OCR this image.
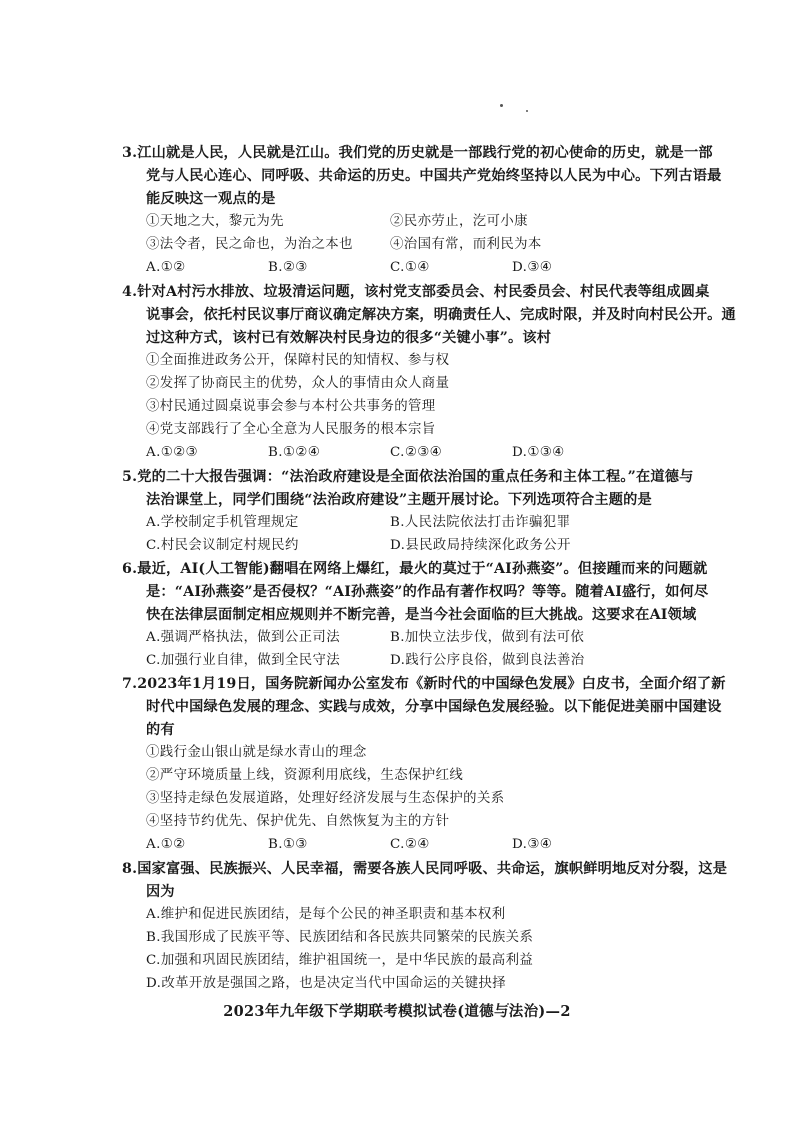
3.江山就是人民，人民就是江山。我们党的历史就是一部践行党的初心使命的历史，就是一部
党与人民心连心、同呼吸、共命运的历史。中国共产党始终坚持以人民为中心。下列古语最
能反映这一观点的是
①天地之大，黎元为先	②民亦劳止，汔可小康
③法令者，民之命也，为治之本也	④治国有常，而利民为本
A.①②	B.②③	C.①④	D.③④
4.针对A村污水排放、垃圾清运问题，该村党支部委员会、村民委员会、村民代表等组成圆桌
说事会，依托村民议事厅商议确定解决方案，明确责任人、完成时限，并及时向村民公开。通
过这种方式，该村已有效解决村民身边的很多“关键小事”。该村
①全面推进政务公开，保障村民的知情权、参与权
②发挥了协商民主的优势，众人的事情由众人商量
③村民通过圆桌说事会参与本村公共事务的管理
④党支部践行了全心全意为人民服务的根本宗旨
A.①②③	B.①②④	C.②③④	D.①③④
5.党的二十大报告强调：“法治政府建设是全面依法治国的重点任务和主体工程。”在道德与
法治课堂上，同学们围绕“法治政府建设”主题开展讨论。下列选项符合主题的是
A.学校制定手机管理规定	B.人民法院依法打击诈骗犯罪
C.村民会议制定村规民约	D.县民政局持续深化政务公开
6.最近，AI(人工智能)翻唱在网络上爆红，最火的莫过于“AI孙燕姿”。但接踵而来的问题就
是：“AI孙燕姿”是否侵权？“AI孙燕姿”的作品有著作权吗？等等。随着AI盛行，如何尽
快在法律层面制定相应规则并不断完善，是当今社会面临的巨大挑战。这要求在AI领域
A.强调严格执法，做到公正司法	B.加快立法步伐，做到有法可依
C.加强行业自律，做到全民守法	D.践行公序良俗，做到良法善治
7.2023年1月19日，国务院新闻办公室发布《新时代的中国绿色发展》白皮书，全面介绍了新
时代中国绿色发展的理念、实践与成效，分享中国绿色发展经验。以下能促进美丽中国建设
的有
①践行金山银山就是绿水青山的理念
②严守环境质量上线，资源利用底线，生态保护红线
③坚持走绿色发展道路，处理好经济发展与生态保护的关系
④坚持节约优先、保护优先、自然恢复为主的方针
A.①②	B.①③	C.②④	D.③④
8.国家富强、民族振兴、人民幸福，需要各族人民同呼吸、共命运，旗帜鲜明地反对分裂，这是
因为
A.维护和促进民族团结，是每个公民的神圣职责和基本权利
B.我国形成了民族平等、民族团结和各民族共同繁荣的民族关系
C.加强和巩固民族团结，维护祖国统一，是中华民族的最高利益
D.改革开放是强国之路，也是决定当代中国命运的关键抉择
2023年九年级下学期联考模拟试卷(道德与法治)—2
